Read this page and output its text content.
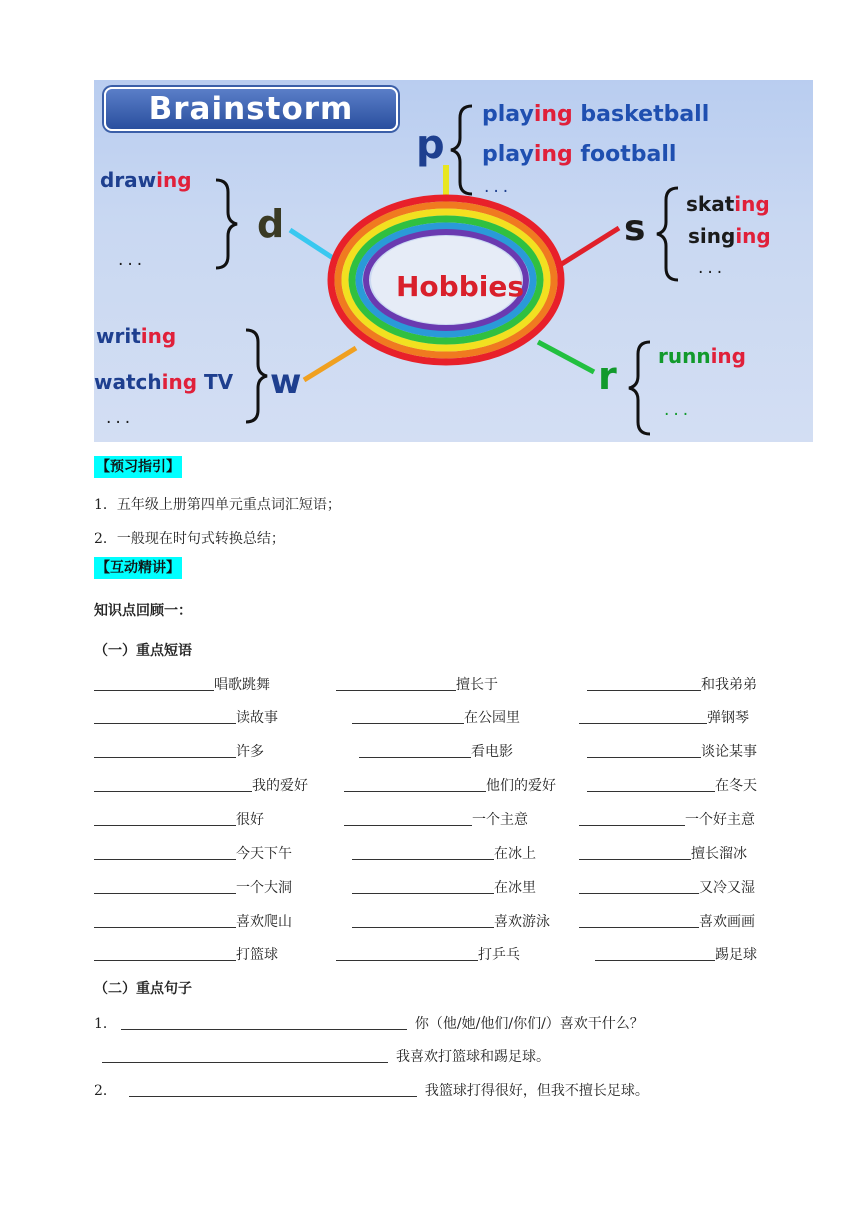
Brainstorm
Hobbies
p
playing basketball
playing football
...
drawing
...
d	s
skating
singing
...
writing
watching TV
...
w	r running
...
【预习指引】
1．五年级上册第四单元重点词汇短语；
2．一般现在时句式转换总结；
【互动精讲】
知识点回顾一：
（一）重点短语
唱歌跳舞	擅长于	和我弟弟
读故事	在公园里	弹钢琴
许多	看电影	谈论某事
我的爱好	他们的爱好	在冬天
很好	一个主意	一个好主意
今天下午	在冰上	擅长溜冰
一个大洞	在冰里	又冷又湿
喜欢爬山	喜欢游泳	喜欢画画
打篮球	打乒乓	踢足球
（二）重点句子
1．	你（他/她/他们/你们/）喜欢干什么？
我喜欢打篮球和踢足球。
2．	我篮球打得很好，但我不擅长足球。
